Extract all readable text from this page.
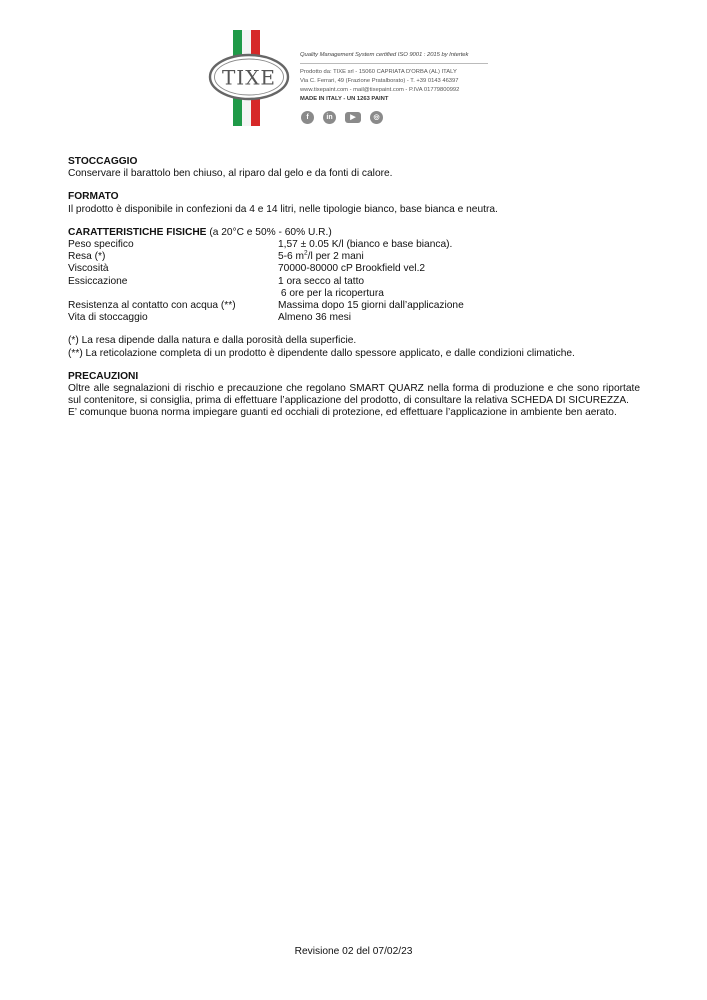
TIXE
Quality Management System certified ISO 9001 : 2015 by Intertek
Prodotto da: TIXE srl - 15060 CAPRIATA D'ORBA (AL) ITALY
Via C. Ferrari, 49 (Frazione Pratalborato) - T. +39 0143 46397
www.tixepaint.com - mail@tixepaint.com - P.IVA 01779800992
MADE IN ITALY - UN 1263 PAINT
f	in	▶	◎
STOCCAGGIO
Conservare il barattolo ben chiuso, al riparo dal gelo e da fonti di calore.
FORMATO
Il prodotto è disponibile in confezioni da 4 e 14 litri, nelle tipologie bianco, base bianca e neutra.
CARATTERISTICHE FISICHE (a 20°C e 50% - 60% U.R.)
Peso specifico	1,57 ± 0.05 K/l (bianco e base bianca).
Resa (*)	5-6 $m^2/l$ per 2 mani
Viscosità	70000-80000 cP Brookfield vel.2
Essiccazione	1 ora secco al tatto
6 ore per la ricopertura
Resistenza al contatto con acqua (**)	Massima dopo 15 giorni dall’applicazione
Vita di stoccaggio	Almeno 36 mesi
(*) La resa dipende dalla natura e dalla porosità della superficie.
(**) La reticolazione completa di un prodotto è dipendente dallo spessore applicato, e dalle condizioni climatiche.
PRECAUZIONI
Oltre alle segnalazioni di rischio e precauzione che regolano SMART QUARZ nella forma di produzione e che sono riportate sul contenitore, si consiglia, prima di effettuare l’applicazione del prodotto, di consultare la relativa SCHEDA DI SICUREZZA.
E’ comunque buona norma impiegare guanti ed occhiali di protezione, ed effettuare l’applicazione in ambiente ben aerato.
Revisione 02 del 07/02/23
